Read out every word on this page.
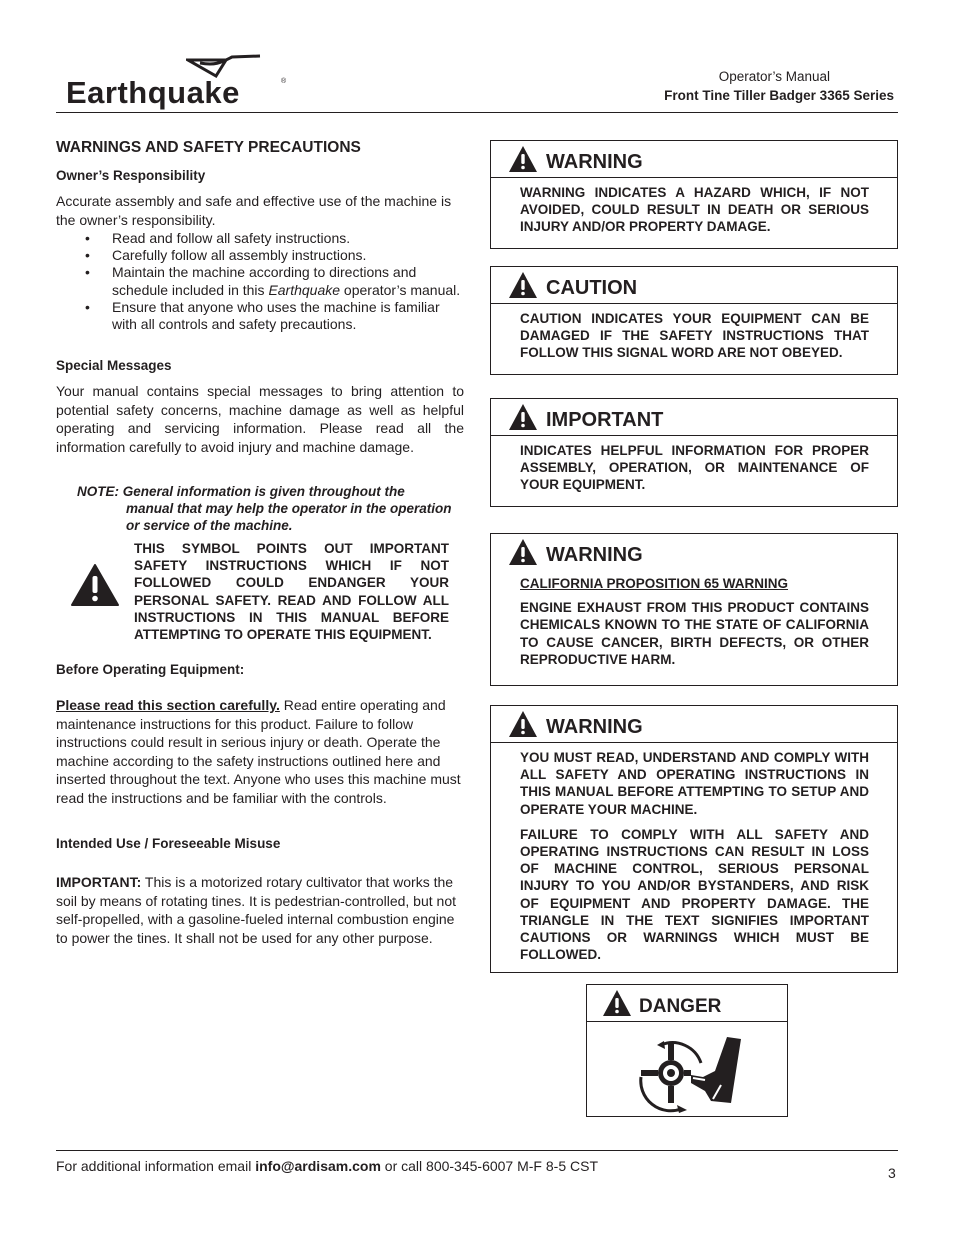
Earthquake	®	Operator’s Manual
Front Tine Tiller Badger 3365 Series
WARNINGS AND SAFETY PRECAUTIONS
Owner’s Responsibility
Accurate assembly and safe and effective use of the machine is the owner’s responsibility.
• Read and follow all safety instructions.
• Carefully follow all assembly instructions.
• Maintain the machine according to directions and schedule included in this Earthquake operator’s manual.
• Ensure that anyone who uses the machine is familiar with all controls and safety precautions.
Special Messages
Your manual contains special messages to bring attention to potential safety concerns, machine damage as well as helpful operating and servicing information. Please read all the information carefully to avoid injury and machine damage.
NOTE: General information is given throughout the
manual that may help the operator in the operation or service of the machine.
THIS SYMBOL POINTS OUT IMPORTANT SAFETY INSTRUCTIONS WHICH IF NOT FOLLOWED COULD ENDANGER YOUR PERSONAL SAFETY. READ AND FOLLOW ALL INSTRUCTIONS IN THIS MANUAL BEFORE ATTEMPTING TO OPERATE THIS EQUIPMENT.
Before Operating Equipment:
Please read this section carefully. Read entire operating and maintenance instructions for this product. Failure to follow instructions could result in serious injury or death. Operate the machine according to the safety instructions outlined here and inserted throughout the text. Anyone who uses this machine must read the instructions and be familiar with the controls.
Intended Use / Foreseeable Misuse
IMPORTANT: This is a motorized rotary cultivator that works the soil by means of rotating tines. It is pedestrian-controlled, but not self-propelled, with a gasoline-fueled internal combustion engine to power the tines. It shall not be used for any other purpose.
WARNING

WARNING INDICATES A HAZARD WHICH, IF NOT AVOIDED, COULD RESULT IN DEATH OR SERIOUS INJURY AND/OR PROPERTY DAMAGE.

CAUTION

CAUTION INDICATES YOUR EQUIPMENT CAN BE DAMAGED IF THE SAFETY INSTRUCTIONS THAT FOLLOW THIS SIGNAL WORD ARE NOT OBEYED.

IMPORTANT

INDICATES HELPFUL INFORMATION FOR PROPER ASSEMBLY, OPERATION, OR MAINTENANCE OF YOUR EQUIPMENT.

WARNING

CALIFORNIA PROPOSITION 65 WARNING

ENGINE EXHAUST FROM THIS PRODUCT CONTAINS CHEMICALS KNOWN TO THE STATE OF CALIFORNIA TO CAUSE CANCER, BIRTH DEFECTS, OR OTHER REPRODUCTIVE HARM.

WARNING

YOU MUST READ, UNDERSTAND AND COMPLY WITH ALL SAFETY AND OPERATING INSTRUCTIONS IN THIS MANUAL BEFORE ATTEMPTING TO SETUP AND OPERATE YOUR MACHINE.

FAILURE TO COMPLY WITH ALL SAFETY AND OPERATING INSTRUCTIONS CAN RESULT IN LOSS OF MACHINE CONTROL, SERIOUS PERSONAL INJURY TO YOU AND/OR BYSTANDERS, AND RISK OF EQUIPMENT AND PROPERTY DAMAGE. THE TRIANGLE IN THE TEXT SIGNIFIES IMPORTANT CAUTIONS OR WARNINGS WHICH MUST BE FOLLOWED.

DANGER
For additional information email info@ardisam.com or call 800-345-6007 M-F 8-5 CST	3
